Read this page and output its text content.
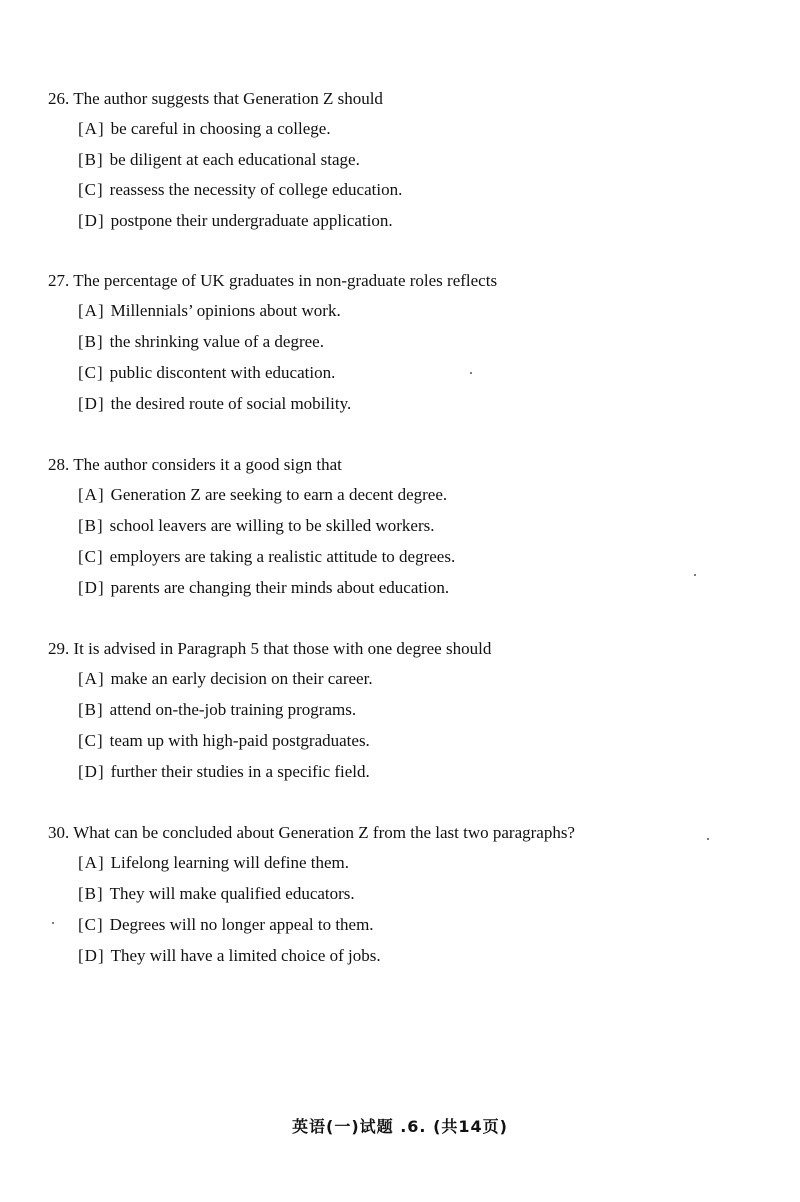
26. The author suggests that Generation Z should
[A] be careful in choosing a college.
[B] be diligent at each educational stage.
[C] reassess the necessity of college education.
[D] postpone their undergraduate application.
27. The percentage of UK graduates in non-graduate roles reflects
[A] Millennials’ opinions about work.
[B] the shrinking value of a degree.
[C] public discontent with education.
[D] the desired route of social mobility.
28. The author considers it a good sign that
[A] Generation Z are seeking to earn a decent degree.
[B] school leavers are willing to be skilled workers.
[C] employers are taking a realistic attitude to degrees.
[D] parents are changing their minds about education.
29. It is advised in Paragraph 5 that those with one degree should
[A] make an early decision on their career.
[B] attend on-the-job training programs.
[C] team up with high-paid postgraduates.
[D] further their studies in a specific field.
30. What can be concluded about Generation Z from the last two paragraphs?
[A] Lifelong learning will define them.
[B] They will make qualified educators.
[C] Degrees will no longer appeal to them.
[D] They will have a limited choice of jobs.
英语(一)试题 .6. (共14页)
